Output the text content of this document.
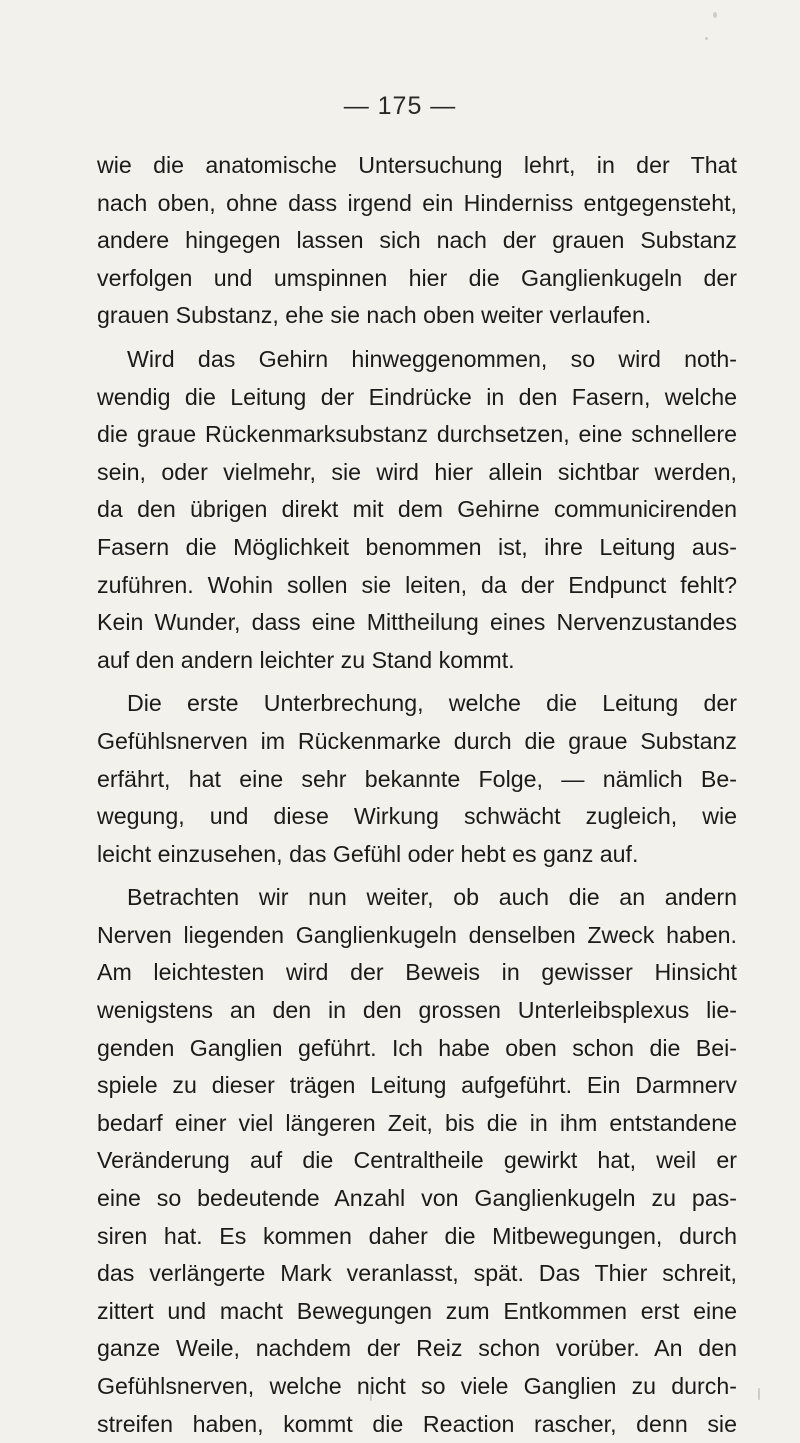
— 175 —
wie die anatomische Untersuchung lehrt, in der That
nach oben, ohne dass irgend ein Hinderniss entgegensteht,
andere hingegen lassen sich nach der grauen Substanz
verfolgen und umspinnen hier die Ganglienkugeln der
grauen Substanz, ehe sie nach oben weiter verlaufen.
Wird das Gehirn hinweggenommen, so wird noth-
wendig die Leitung der Eindrücke in den Fasern, welche
die graue Rückenmarksubstanz durchsetzen, eine schnellere
sein, oder vielmehr, sie wird hier allein sichtbar werden,
da den übrigen direkt mit dem Gehirne communicirenden
Fasern die Möglichkeit benommen ist, ihre Leitung aus-
zuführen. Wohin sollen sie leiten, da der Endpunct fehlt?
Kein Wunder, dass eine Mittheilung eines Nervenzustandes
auf den andern leichter zu Stand kommt.
Die erste Unterbrechung, welche die Leitung der
Gefühlsnerven im Rückenmarke durch die graue Substanz
erfährt, hat eine sehr bekannte Folge, — nämlich Be-
wegung, und diese Wirkung schwächt zugleich, wie
leicht einzusehen, das Gefühl oder hebt es ganz auf.
Betrachten wir nun weiter, ob auch die an andern
Nerven liegenden Ganglienkugeln denselben Zweck haben.
Am leichtesten wird der Beweis in gewisser Hinsicht
wenigstens an den in den grossen Unterleibsplexus lie-
genden Ganglien geführt. Ich habe oben schon die Bei-
spiele zu dieser trägen Leitung aufgeführt. Ein Darmnerv
bedarf einer viel längeren Zeit, bis die in ihm entstandene
Veränderung auf die Centraltheile gewirkt hat, weil er
eine so bedeutende Anzahl von Ganglienkugeln zu pas-
siren hat. Es kommen daher die Mitbewegungen, durch
das verlängerte Mark veranlasst, spät. Das Thier schreit,
zittert und macht Bewegungen zum Entkommen erst eine
ganze Weile, nachdem der Reiz schon vorüber. An den
Gefühlsnerven, welche nicht so viele Ganglien zu durch-
streifen haben, kommt die Reaction rascher, denn sie
